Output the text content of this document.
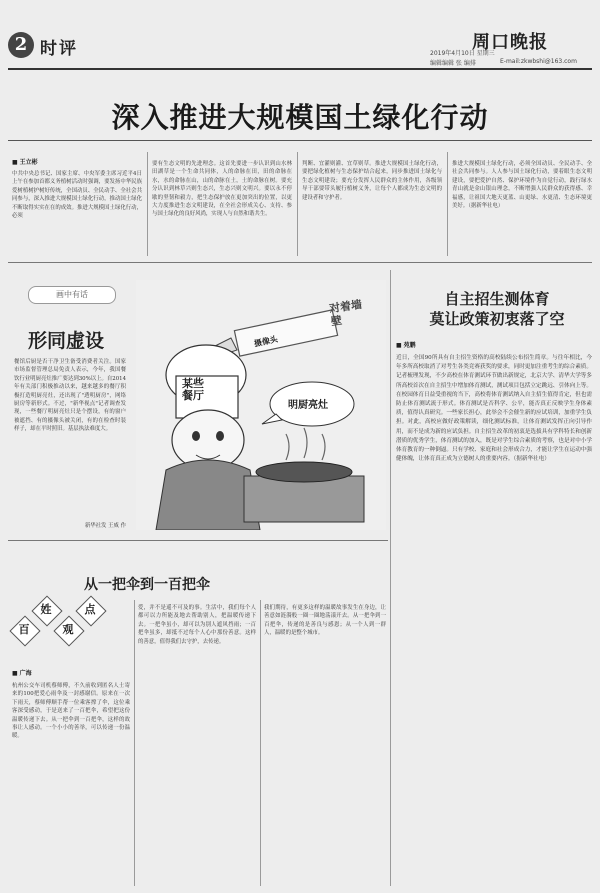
2 时评	周口晚报
2019年4月10日 星期三
编辑编辑 张 编排	E-mail:zkwbshi@163.com
深入推进大规模国土绿化行动
■ 王立彬
中共中央总书记、国家主席、中央军委主席习近平4日上午在参加首都义务植树活动时强调，要发扬中华民族爱树植树护树好传统，全国动员、全民动手、全社会共同参与，深入推进大规模国土绿化行动，推动国土绿化不断取得实实在在的成效。推进大规模国土绿化行动，必须
要有生态文明的先进理念。这首先要进一步认识到山水林田湖草是一个生命共同体，人的命脉在田，田的命脉在水，水的命脉在山，山的命脉在土，土的命脉在树。要充分认识到林草兴则生态兴，生态兴则文明兴。要以永不停歇的坚韧和毅力，把生态保护放在更加突出的位置，以更大力度推进生态文明建设，在全社会形成关心、支持、参与国土绿化的良好风尚，实现人与自然和谐共生。
判断、宜灌则灌、宜草则草。推进大规模国土绿化行动，要把绿化植树与生态保护结合起来，同步推进国土绿化与生态文明建设；要充分发挥人民群众的主体作用，各级领导干部要带头履行植树义务，让每个人都成为生态文明的建设者和守护者。
推进大规模国土绿化行动，必须全国动员、全民动手、全社会共同参与。人人参与国土绿化行动，要着眼生态文明建设，要把爱护自然、保护环境作为自觉行动，践行绿水青山就是金山银山理念，不断增强人民群众的获得感、幸福感，让祖国大地天更蓝、山更绿、水更清、生态环境更美好。（据新华社电）
画中有话
形同虚设
餐馆后厨是否干净卫生备受消费者关注。国家市场监督管理总局免责人表示，今年，我国餐饮行业明厨亮灶推广要达到30%以上。自2014年有关部门积极推动以来，越来越多的餐厅积极打造明厨亮灶，还出现了"透明厨房"，网络厨房等新形式。不过，"新华视点"记者调查发现，一些餐厅明厨亮灶只是个摆设，有的窗户被遮挡、有的摄像头被关闭，有的在检查时装样子，却在平时照旧。基层执法难度大。
新华社发 王威 作
摄像头
某些餐厅
明厨亮灶
对着墙壁
自主招生测体育
莫让政策初衷落了空
■ 苑鹏
近日，全国90所具有自主招生资格的高校陆续公布招生简章。与往年相比，今年多所高校取消了对考生各类竞赛获奖的要求，同时更加注重考生的综合素质。记者梳理发现，不少高校在体育测试环节做出新规定，北京大学、清华大学等多所高校首次在自主招生中增加体育测试，测试项目包括立定跳远、引体向上等。在校园体育日益受重视的当下，高校将体育测试纳入自主招生值得肯定，但也需防止体育测试流于形式。体育测试是否科学、公平，能否真正反映学生身体素质，值得认真研究。一些家长担心，此举会不会催生新的应试培训，加重学生负担。对此，高校应做好政策解读，细化测试标准，让体育测试发挥正向引导作用，而不是成为新的应试负担。自主招生改革的初衷是选拔具有学科特长和创新潜质的优秀学生，体育测试的加入，既是对学生综合素质的考察，也是对中小学体育教育的一种倒逼。只有学校、家庭和社会形成合力，才能让学生在运动中强健体魄，让体育真正成为立德树人的重要内容。（据新华社电）
从一把伞到一百把伞
百
姓
观
点
■ 广海
杭州公交车司机蔡师傅，不久前收到匿名人士寄来的100把爱心雨伞及一封感谢信。原来在一次下雨天，蔡师傅顺手帮一位乘客撑了伞，这位乘客深受感动，于是送来了一百把伞，希望把这份温暖传递下去。从一把伞到一百把伞，这样的故事让人感动。一个小小的善举，可以传递一份温暖。
爱，并不是遥不可及的事。生活中，我们每个人都可以力所能及地去帮助别人，把温暖传递下去。一把伞虽小，却可以为别人遮风挡雨；一百把伞虽多，却抵不过每个人心中那份善意。这样的善意，值得我们去守护，去传递。
我们期待，有更多这样的温暖故事发生在身边，让善意如涟漪般一圈一圈地荡漾开去。从一把伞到一百把伞，传递的是善良与感恩；从一个人到一群人，温暖的是整个城市。
